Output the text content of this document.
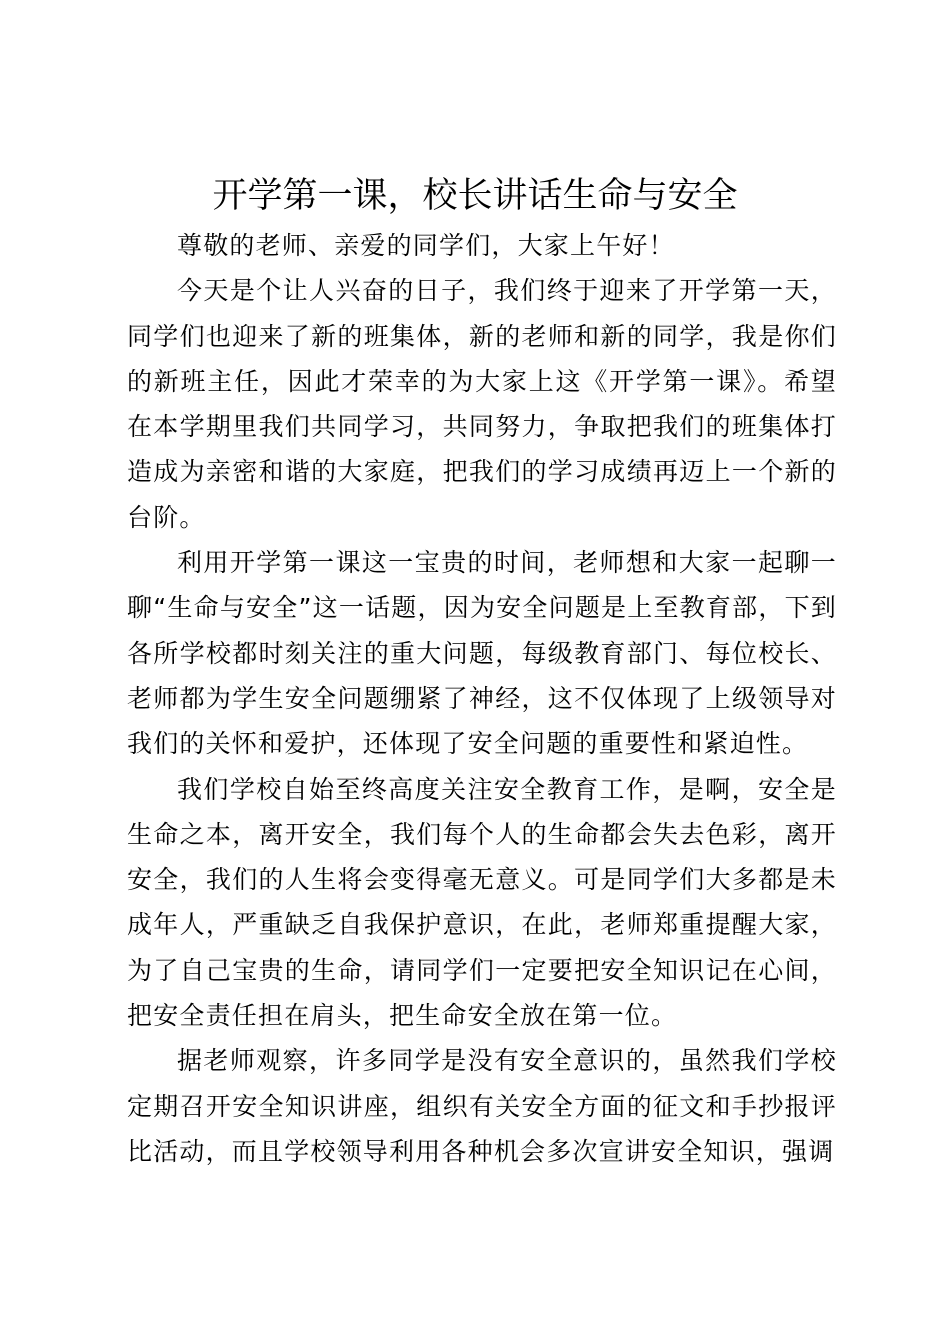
开学第一课，校长讲话生命与安全

尊敬的老师、亲爱的同学们，大家上午好！

今天是个让人兴奋的日子，我们终于迎来了开学第一天，同学们也迎来了新的班集体，新的老师和新的同学，我是你们的新班主任，因此才荣幸的为大家上这《开学第一课》。希望在本学期里我们共同学习，共同努力，争取把我们的班集体打造成为亲密和谐的大家庭，把我们的学习成绩再迈上一个新的台阶。

利用开学第一课这一宝贵的时间，老师想和大家一起聊一聊“生命与安全”这一话题，因为安全问题是上至教育部，下到各所学校都时刻关注的重大问题，每级教育部门、每位校长、老师都为学生安全问题绷紧了神经，这不仅体现了上级领导对我们的关怀和爱护，还体现了安全问题的重要性和紧迫性。

我们学校自始至终高度关注安全教育工作，是啊，安全是生命之本，离开安全，我们每个人的生命都会失去色彩，离开安全，我们的人生将会变得毫无意义。可是同学们大多都是未成年人，严重缺乏自我保护意识，在此，老师郑重提醒大家，为了自己宝贵的生命，请同学们一定要把安全知识记在心间，把安全责任担在肩头，把生命安全放在第一位。

据老师观察，许多同学是没有安全意识的，虽然我们学校定期召开安全知识讲座，组织有关安全方面的征文和手抄报评比活动，而且学校领导利用各种机会多次宣讲安全知识，强调
